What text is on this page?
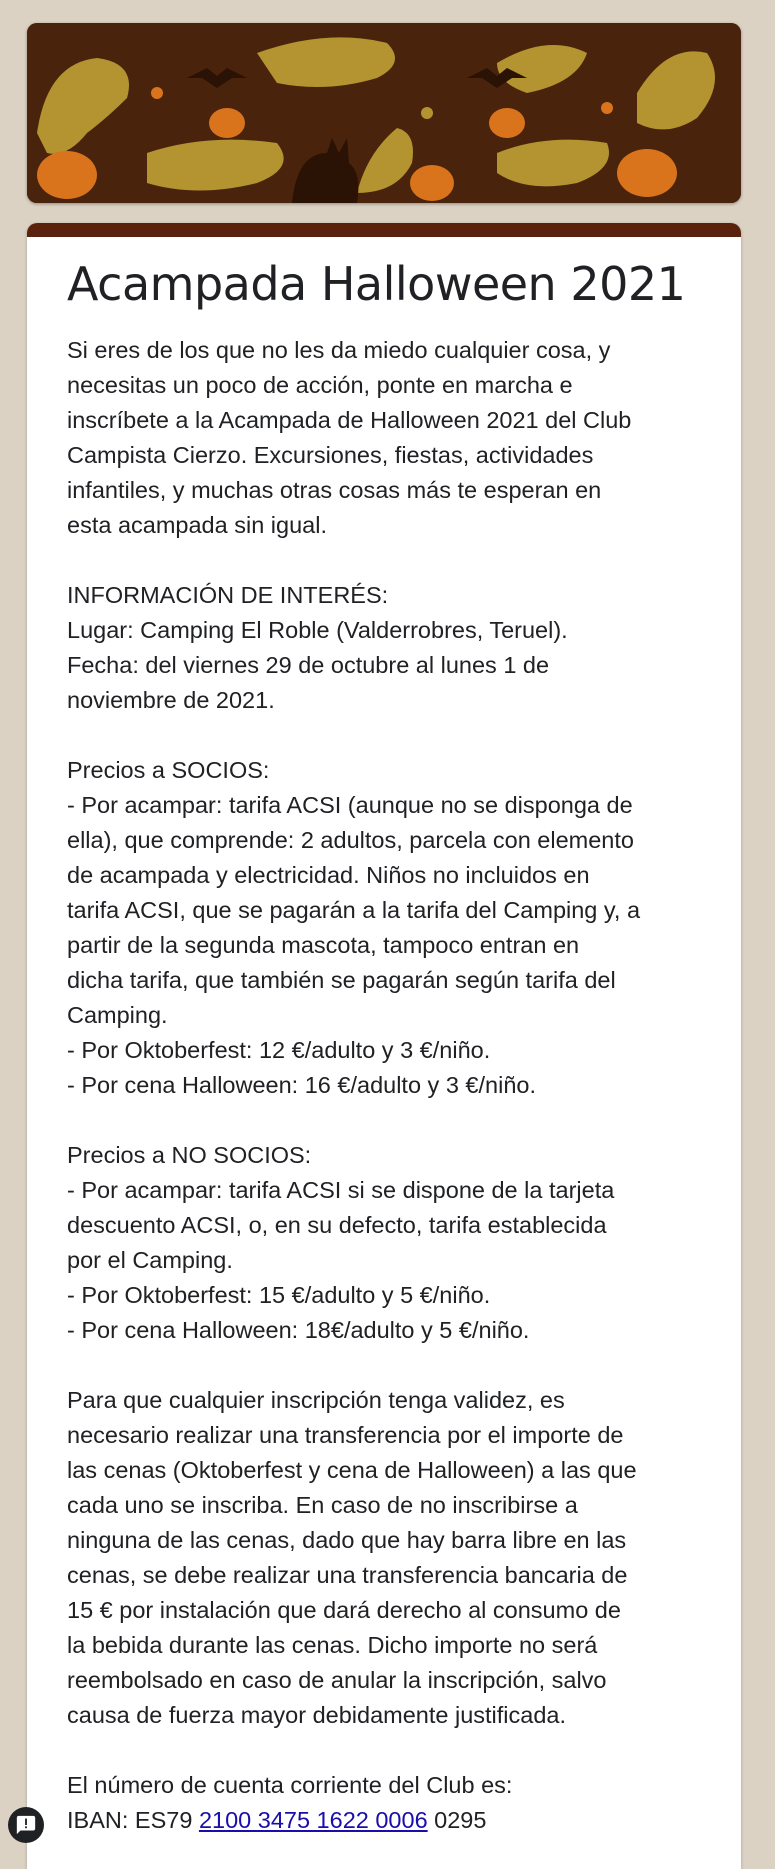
Acampada Halloween 2021
Si eres de los que no les da miedo cualquier cosa, y
necesitas un poco de acción, ponte en marcha e
inscríbete a la Acampada de Halloween 2021 del Club
Campista Cierzo. Excursiones, fiestas, actividades
infantiles, y muchas otras cosas más te esperan en
esta acampada sin igual.

INFORMACIÓN DE INTERÉS:
Lugar: Camping El Roble (Valderrobres, Teruel).
Fecha: del viernes 29 de octubre al lunes 1 de
noviembre de 2021.

Precios a SOCIOS:
- Por acampar: tarifa ACSI (aunque no se disponga de
ella), que comprende: 2 adultos, parcela con elemento
de acampada y electricidad. Niños no incluidos en
tarifa ACSI, que se pagarán a la tarifa del Camping y, a
partir de la segunda mascota, tampoco entran en
dicha tarifa, que también se pagarán según tarifa del
Camping.
- Por Oktoberfest: 12 €/adulto y 3 €/niño.
- Por cena Halloween: 16 €/adulto y 3 €/niño.

Precios a NO SOCIOS:
- Por acampar: tarifa ACSI si se dispone de la tarjeta
descuento ACSI, o, en su defecto, tarifa establecida
por el Camping.
- Por Oktoberfest: 15 €/adulto y 5 €/niño.
- Por cena Halloween: 18€/adulto y 5 €/niño.

Para que cualquier inscripción tenga validez, es
necesario realizar una transferencia por el importe de
las cenas (Oktoberfest y cena de Halloween) a las que
cada uno se inscriba. En caso de no inscribirse a
ninguna de las cenas, dado que hay barra libre en las
cenas, se debe realizar una transferencia bancaria de
15 € por instalación que dará derecho al consumo de
la bebida durante las cenas. Dicho importe no será
reembolsado en caso de anular la inscripción, salvo
causa de fuerza mayor debidamente justificada.

El número de cuenta corriente del Club es:
IBAN: ES79 2100 3475 1622 0006 0295
